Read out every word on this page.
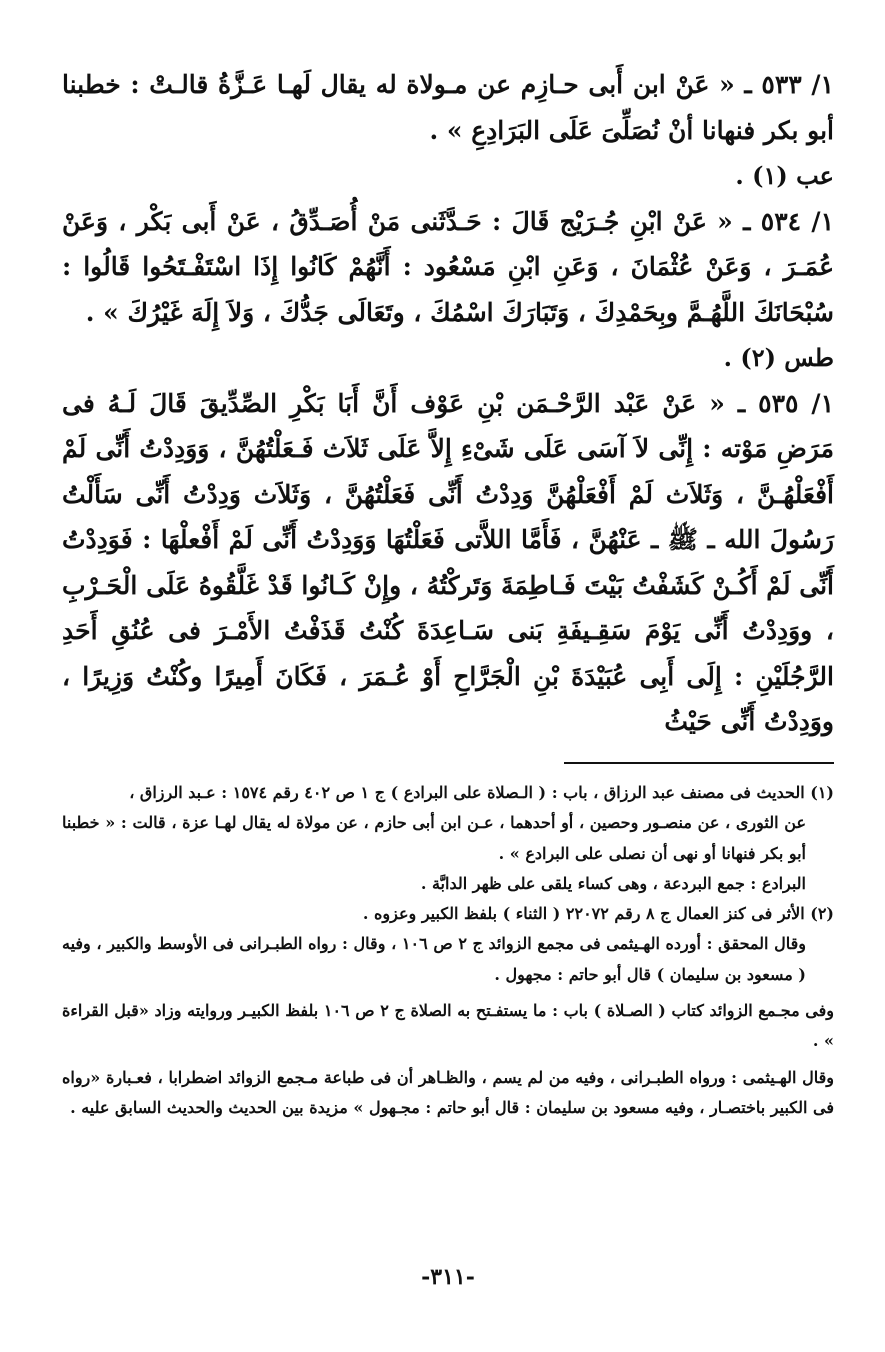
١/ ٥٣٣ ـ « عَنْ ابن أَبى حـازِم عن مـولاة له يقال لَهـا عَـزَّةُ قالـتْ : خطبنا أبو بكر فنهانا أنْ نُصَلِّىَ عَلَى البَرَادِعِ » .

عب (١) .

١/ ٥٣٤ ـ « عَنْ ابْنِ جُـرَيْج قَالَ : حَـدَّثَنى مَنْ أُصَـدِّقُ ، عَنْ أَبى بَكْر ، وَعَنْ عُمَـرَ ، وَعَنْ عُثْمَانَ ، وَعَنِ ابْنِ مَسْعُود : أَنَّهُمْ كَانُوا إِذَا اسْتَفْـتَحُوا قَالُوا : سُبْحَانَكَ اللَّهُـمَّ وبِحَمْدِكَ ، وَتَبَارَكَ اسْمُكَ ، وتَعَالَى جَدُّكَ ، وَلاَ إِلَهَ غَيْرُكَ » .

طس (٢) .

١/ ٥٣٥ ـ « عَنْ عَبْد الرَّحْـمَن بْنِ عَوْف أَنَّ أَبَا بَكْرِ الصِّدِّيقَ قَالَ لَـهُ فى مَرَضِ مَوْته : إِنِّى لاَ آسَى عَلَى شَىْءِ إِلاَّ عَلَى ثَلاَث فَـعَلْتُهُنَّ ، وَوَدِدْتُ أَنِّى لَمْ أَفْعَلْهُـنَّ ، وَثَلاَث لَمْ أَفْعَلْهُنَّ وَدِدْتُ أَنِّى فَعَلْتُهُنَّ ، وَثَلاَث وَدِدْتُ أَنِّى سَأَلْتُ رَسُولَ الله ـ ﷺ ـ عَنْهُنَّ ، فَأَمَّا اللاَّتى فَعَلْتُهَا وَوَدِدْتُ أَنِّى لَمْ أَفْعلْهَا : فَوَدِدْتُ أَنِّى لَمْ أَكُـنْ كَشَفْتُ بَيْتَ فَـاطِمَةَ وَتَركْتُهُ ، وإِنْ كَـانُوا قَدْ غَلَّقُوهُ عَلَى الْحَـرْبِ ، ووَدِدْتُ أَنِّى يَوْمَ سَقِـيفَةِ بَنى سَـاعِدَةَ كُنْتُ قَذَفْتُ الأَمْـرَ فى عُنُقِ أَحَدِ الرَّجُلَيْنِ : إِلَى أَبِى عُبَيْدَةَ بْنِ الْجَرَّاحِ أَوْ عُـمَرَ ، فَكَانَ أَمِيرًا وكُنْتُ وَزِيرًا ، ووَدِدْتُ أَنِّى حَيْثُ

(١) الحديث فى مصنف عبد الرزاق ، باب : ( الـصلاة على البرادع ) ج ١ ص ٤٠٢ رقم ١٥٧٤ : عـبد الرزاق ،

عن الثورى ، عن منصـور وحصين ، أو أحدهما ، عـن ابن أبى حازم ، عن مولاة له يقال لهـا عزة ، قالت : « خطبنا أبو بكر فنهانا أو نهى أن نصلى على البرادع » .

البرادع : جمع البردعة ، وهى كساء يلقى على ظهر الدابَّة .

(٢) الأثر فى كنز العمال ج ٨ رقم ٢٢٠٧٢ ( الثناء ) بلفظ الكبير وعزوه .

وقال المحقق : أورده الهـيثمى فى مجمع الزوائد ج ٢ ص ١٠٦ ، وقال : رواه الطبـرانى فى الأوسط والكبير ، وفيه ( مسعود بن سليمان ) قال أبو حاتم : مجهول .

وفى مجـمع الزوائد كتاب ( الصـلاة ) باب : ما يستفـتح به الصلاة ج ٢ ص ١٠٦ بلفظ الكبيـر وروايته وزاد «قبل القراءة » .

وقال الهـيثمى : ورواه الطبـرانى ، وفيه من لم يسم ، والظـاهر أن فى طباعة مـجمع الزوائد اضطرابا ، فعـبارة «رواه فى الكبير باختصـار ، وفيه مسعود بن سليمان : قال أبو حاتم : مجـهول » مزيدة بين الحديث والحديث السابق عليه .

-٣١١-
